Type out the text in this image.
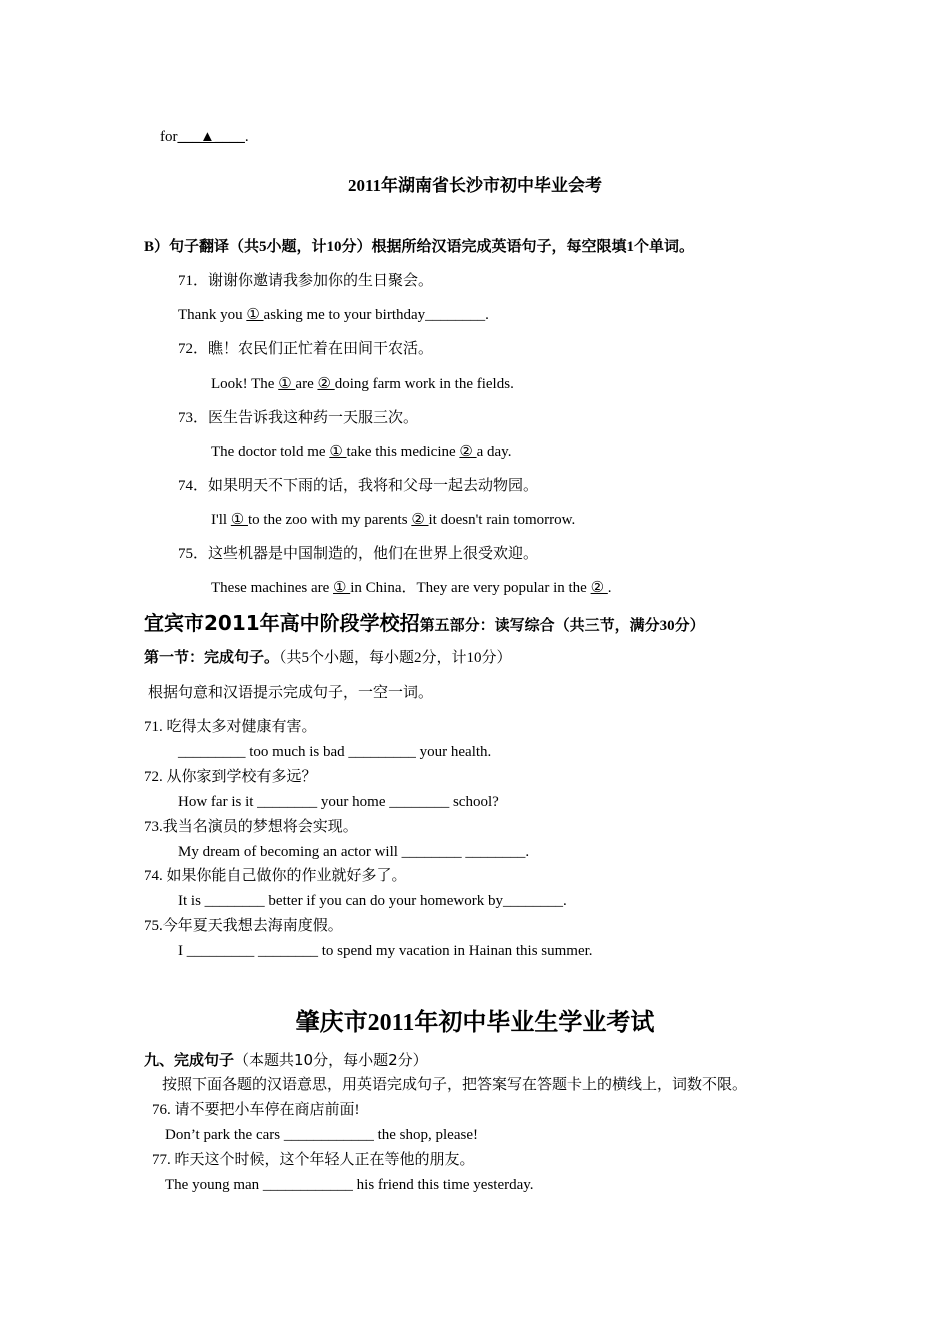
for___▲____.
2011年湖南省长沙市初中毕业会考
B）句子翻译（共5小题，计10分）根据所给汉语完成英语句子，每空限填1个单词。
71．谢谢你邀请我参加你的生日聚会。
Thank you ① asking me to your birthday________.
72．瞧！农民们正忙着在田间干农活。
Look! The ① are ② doing farm work in the fields.
73．医生告诉我这种药一天服三次。
The doctor told me ① take this medicine ② a day.
74．如果明天不下雨的话，我将和父母一起去动物园。
I'll ① to the zoo with my parents ② it doesn't rain tomorrow.
75．这些机器是中国制造的，他们在世界上很受欢迎。
These machines are ① in China．They are very popular in the ② .
宜宾市2011年高中阶段学校招第五部分：读写综合（共三节，满分30分）
第一节：完成句子。（共5个小题，每小题2分，计10分）
根据句意和汉语提示完成句子，一空一词。
71. 吃得太多对健康有害。
_________ too much is bad _________ your health.
72. 从你家到学校有多远？
How far is it ________ your home ________ school?
73.我当名演员的梦想将会实现。
My dream of becoming an actor will ________ ________.
74. 如果你能自己做你的作业就好多了。
It is ________ better if you can do your homework by________.
75.今年夏天我想去海南度假。
I _________ ________ to spend my vacation in Hainan this summer.
肇庆市2011年初中毕业生学业考试
九、完成句子（本题共10分，每小题2分）
按照下面各题的汉语意思，用英语完成句子，把答案写在答题卡上的横线上，词数不限。
76. 请不要把小车停在商店前面!
Don’t park the cars ____________ the shop, please!
77. 昨天这个时候，这个年轻人正在等他的朋友。
The young man ____________ his friend this time yesterday.
